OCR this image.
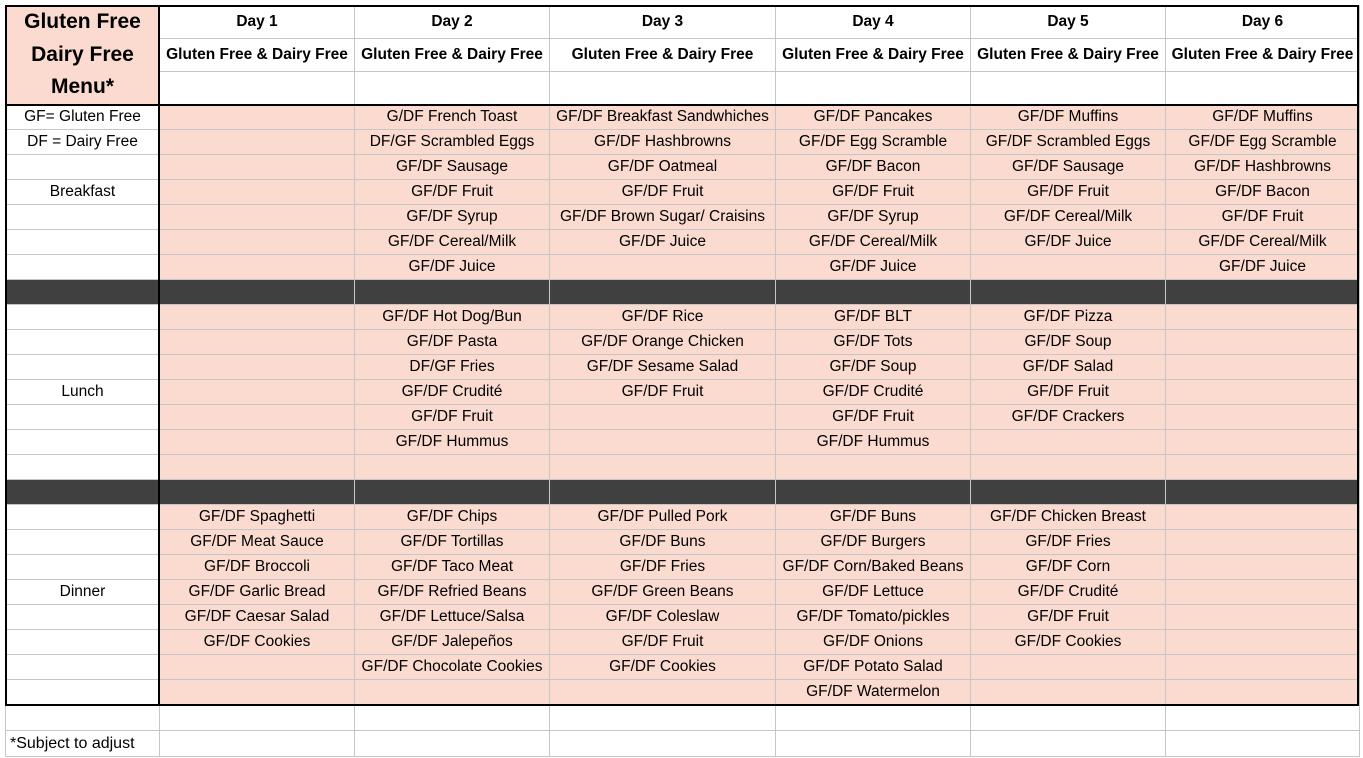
Gluten Free
Dairy Free
Menu*	Day 1	Day 2	Day 3	Day 4	Day 5	Day 6
	Gluten Free & Dairy Free	Gluten Free & Dairy Free	Gluten Free & Dairy Free	Gluten Free & Dairy Free	Gluten Free & Dairy Free	Gluten Free & Dairy Free

GF= Gluten Free		G/DF French Toast	GF/DF Breakfast Sandwhiches	GF/DF Pancakes	GF/DF Muffins	GF/DF Muffins
DF = Dairy Free		DF/GF Scrambled Eggs	GF/DF Hashbrowns	GF/DF Egg Scramble	GF/DF Scrambled Eggs	GF/DF Egg Scramble
		GF/DF Sausage	GF/DF Oatmeal	GF/DF Bacon	GF/DF Sausage	GF/DF Hashbrowns
Breakfast		GF/DF Fruit	GF/DF Fruit	GF/DF Fruit	GF/DF Fruit	GF/DF Bacon
		GF/DF Syrup	GF/DF Brown Sugar/ Craisins	GF/DF Syrup	GF/DF Cereal/Milk	GF/DF Fruit
		GF/DF Cereal/Milk	GF/DF Juice	GF/DF Cereal/Milk	GF/DF Juice	GF/DF Cereal/Milk
		GF/DF Juice		GF/DF Juice		GF/DF Juice

		GF/DF Hot Dog/Bun	GF/DF Rice	GF/DF BLT	GF/DF Pizza	
		GF/DF Pasta	GF/DF Orange Chicken	GF/DF Tots	GF/DF Soup	
		DF/GF Fries	GF/DF Sesame Salad	GF/DF Soup	GF/DF Salad	
Lunch		GF/DF Crudité	GF/DF Fruit	GF/DF Crudité	GF/DF Fruit	
		GF/DF Fruit		GF/DF Fruit	GF/DF Crackers	
		GF/DF Hummus		GF/DF Hummus		

	GF/DF Spaghetti	GF/DF Chips	GF/DF Pulled Pork	GF/DF Buns	GF/DF Chicken Breast	
	GF/DF Meat Sauce	GF/DF Tortillas	GF/DF Buns	GF/DF Burgers	GF/DF Fries	
	GF/DF Broccoli	GF/DF Taco Meat	GF/DF Fries	GF/DF Corn/Baked Beans	GF/DF Corn	
Dinner	GF/DF Garlic Bread	GF/DF Refried Beans	GF/DF Green Beans	GF/DF Lettuce	GF/DF Crudité	
	GF/DF Caesar Salad	GF/DF Lettuce/Salsa	GF/DF Coleslaw	GF/DF Tomato/pickles	GF/DF Fruit	
	GF/DF Cookies	GF/DF Jalepeños	GF/DF Fruit	GF/DF Onions	GF/DF Cookies	
		GF/DF Chocolate Cookies	GF/DF Cookies	GF/DF Potato Salad		
				GF/DF Watermelon		

*Subject to adjust						
